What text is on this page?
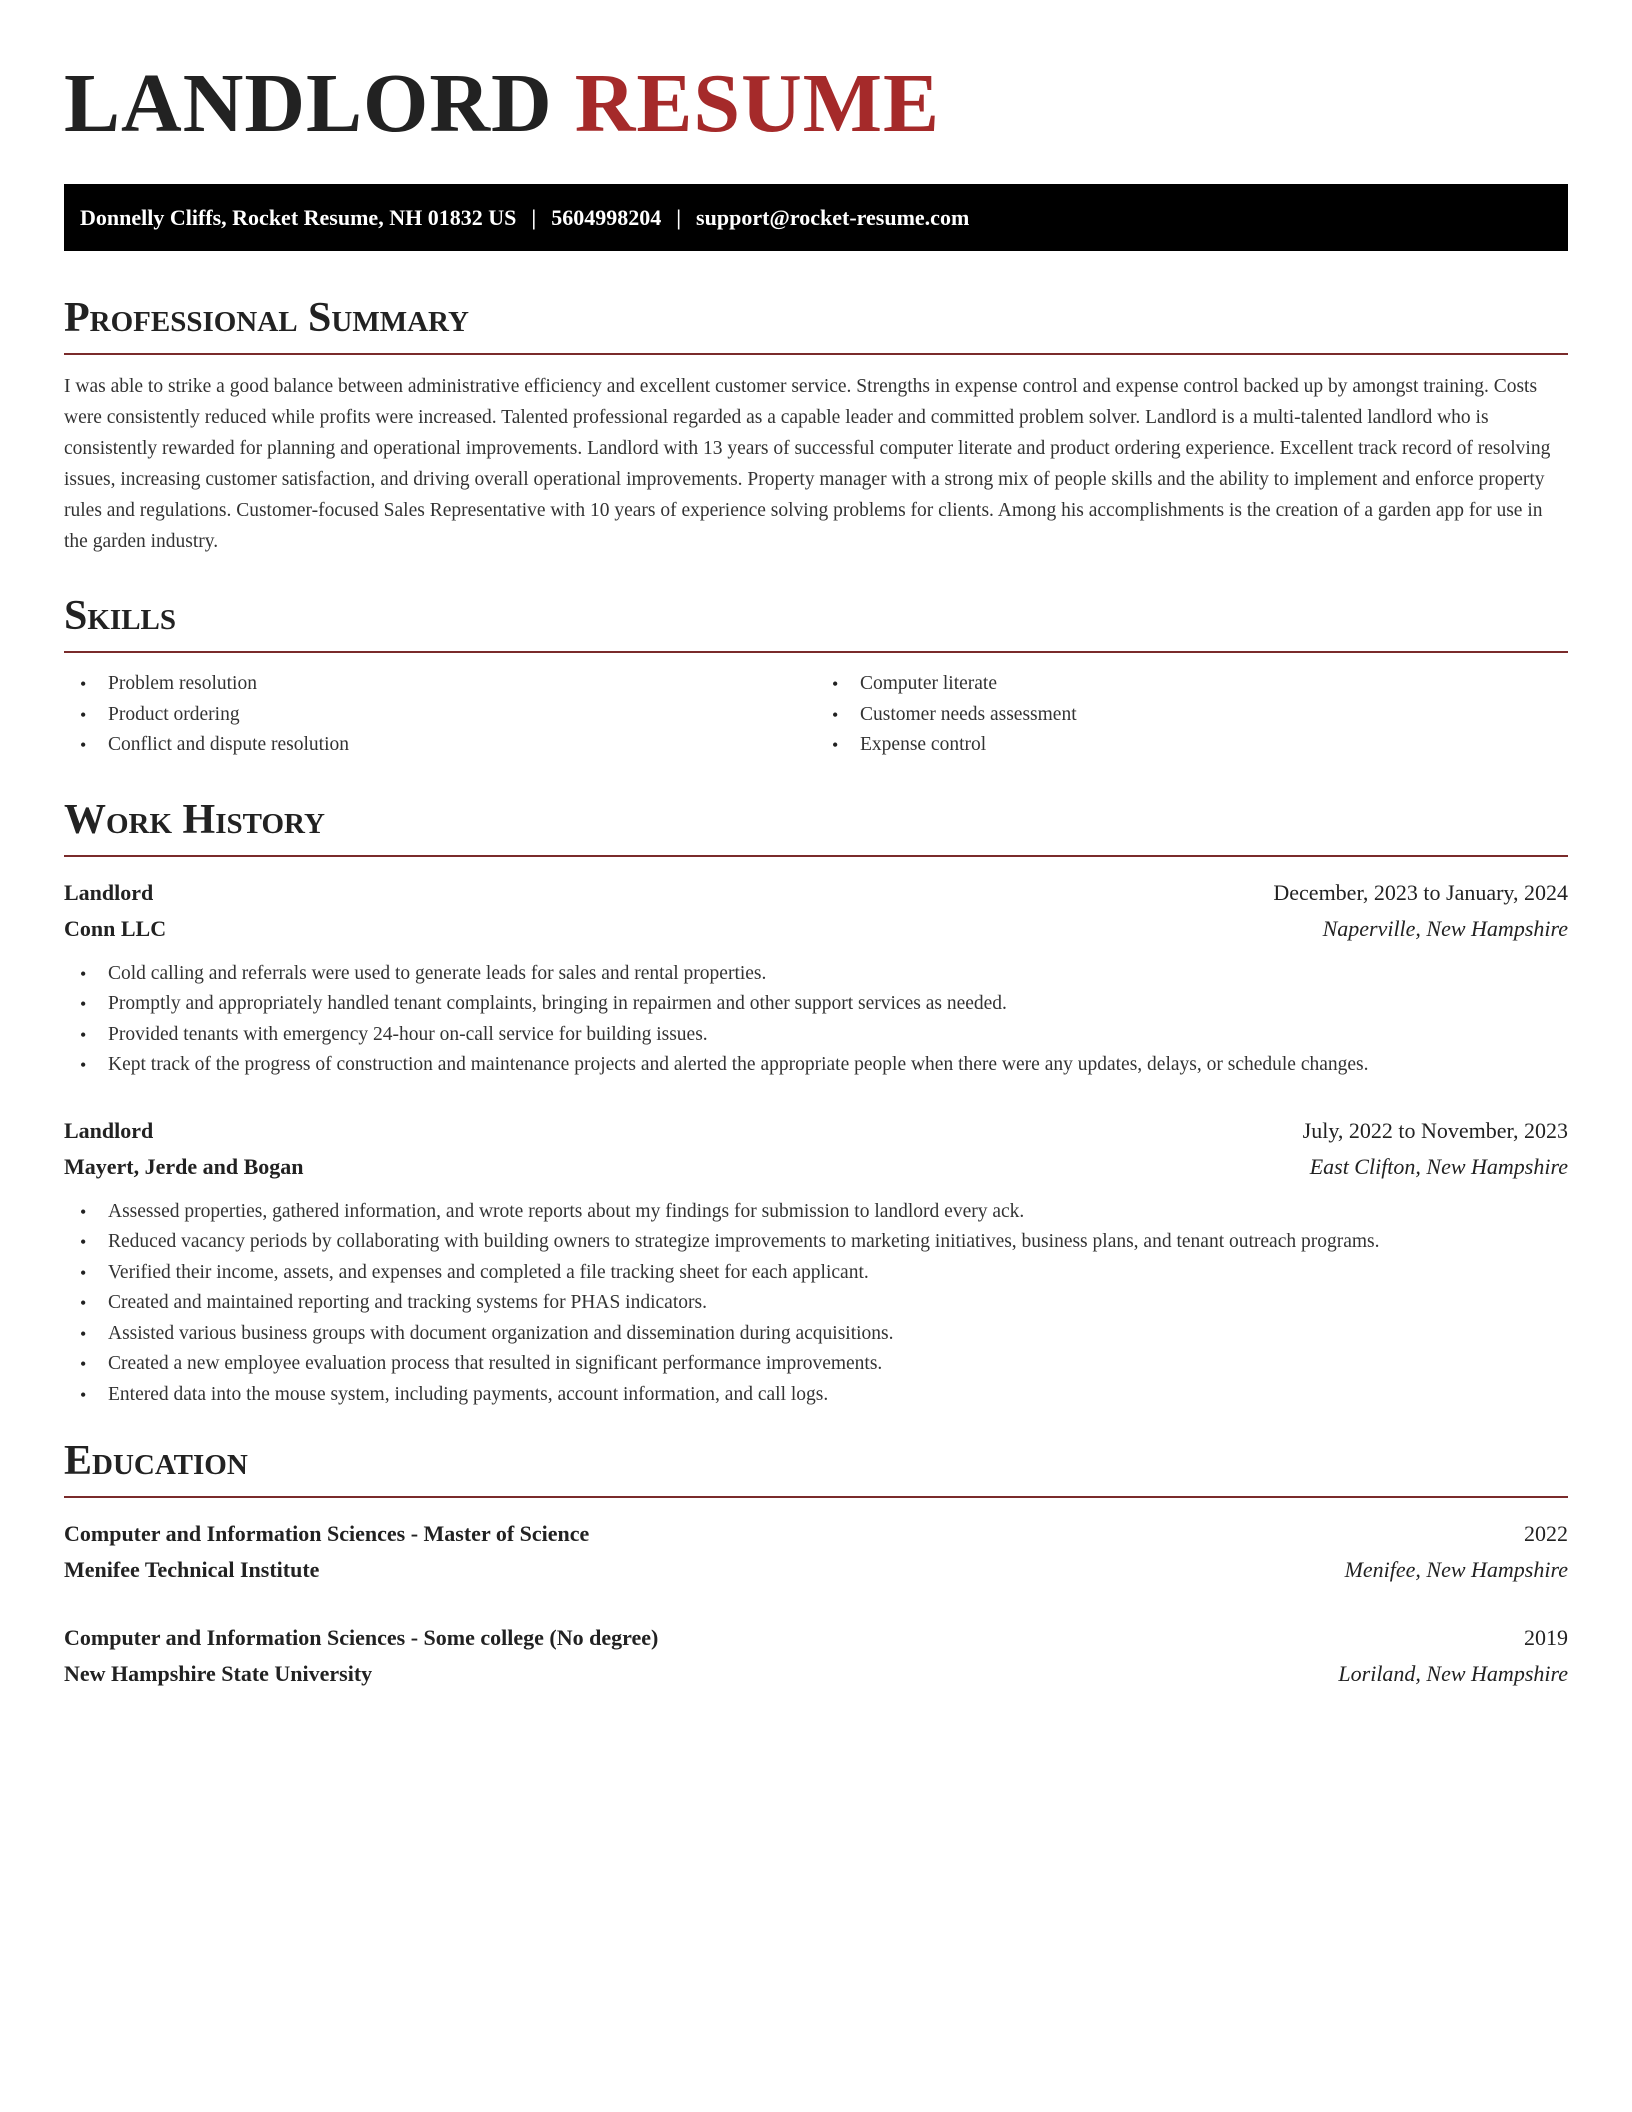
LANDLORD RESUME
Donnelly Cliffs, Rocket Resume, NH 01832 US | 5604998204 | support@rocket-resume.com
Professional Summary

I was able to strike a good balance between administrative efficiency and excellent customer service. Strengths in expense control and expense control backed up by amongst training. Costs were consistently reduced while profits were increased. Talented professional regarded as a capable leader and committed problem solver. Landlord is a multi-talented landlord who is consistently rewarded for planning and operational improvements. Landlord with 13 years of successful computer literate and product ordering experience. Excellent track record of resolving issues, increasing customer satisfaction, and driving overall operational improvements. Property manager with a strong mix of people skills and the ability to implement and enforce property rules and regulations. Customer-focused Sales Representative with 10 years of experience solving problems for clients. Among his accomplishments is the creation of a garden app for use in the garden industry.

Skills
• Problem resolution
• Product ordering
• Conflict and dispute resolution
• Computer literate
• Customer needs assessment
• Expense control
Work History
Landlord	December, 2023 to January, 2024
Conn LLC	Naperville, New Hampshire
• Cold calling and referrals were used to generate leads for sales and rental properties.
• Promptly and appropriately handled tenant complaints, bringing in repairmen and other support services as needed.
• Provided tenants with emergency 24-hour on-call service for building issues.
• Kept track of the progress of construction and maintenance projects and alerted the appropriate people when there were any updates, delays, or schedule changes.
Landlord	July, 2022 to November, 2023
Mayert, Jerde and Bogan	East Clifton, New Hampshire
• Assessed properties, gathered information, and wrote reports about my findings for submission to landlord every ack.
• Reduced vacancy periods by collaborating with building owners to strategize improvements to marketing initiatives, business plans, and tenant outreach programs.
• Verified their income, assets, and expenses and completed a file tracking sheet for each applicant.
• Created and maintained reporting and tracking systems for PHAS indicators.
• Assisted various business groups with document organization and dissemination during acquisitions.
• Created a new employee evaluation process that resulted in significant performance improvements.
• Entered data into the mouse system, including payments, account information, and call logs.
Education
Computer and Information Sciences - Master of Science	2022
Menifee Technical Institute	Menifee, New Hampshire
Computer and Information Sciences - Some college (No degree)	2019
New Hampshire State University	Loriland, New Hampshire
